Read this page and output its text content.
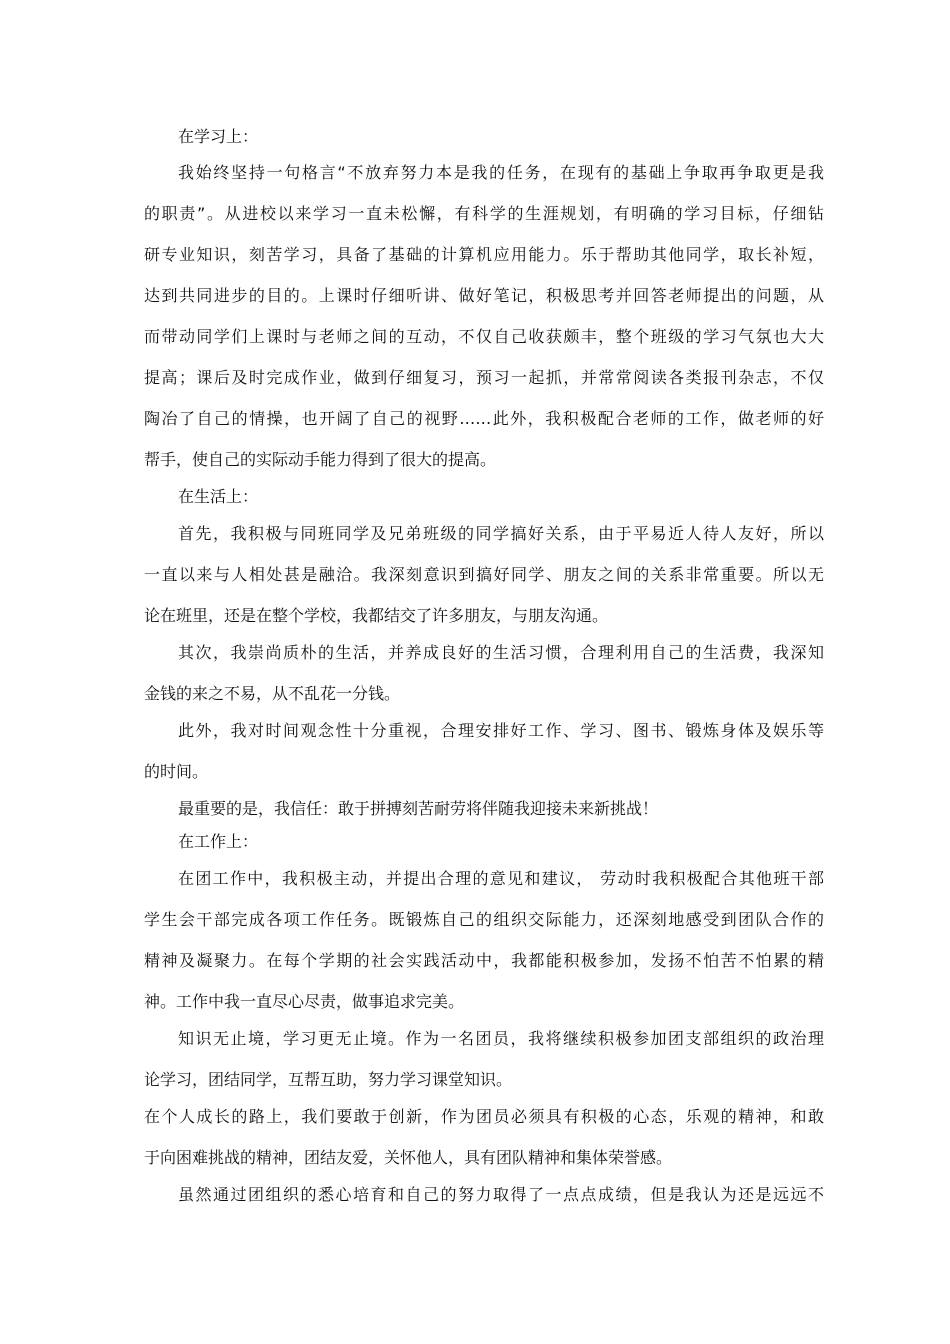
在学习上：
我始终坚持一句格言“不放弃努力本是我的任务，在现有的基础上争取再争取更是我
的职责”。从进校以来学习一直未松懈，有科学的生涯规划，有明确的学习目标，仔细钻
研专业知识，刻苦学习，具备了基础的计算机应用能力。乐于帮助其他同学，取长补短，
达到共同进步的目的。上课时仔细听讲、做好笔记，积极思考并回答老师提出的问题，从
而带动同学们上课时与老师之间的互动，不仅自己收获颇丰，整个班级的学习气氛也大大
提高；课后及时完成作业，做到仔细复习，预习一起抓，并常常阅读各类报刊杂志，不仅
陶冶了自己的情操，也开阔了自己的视野……此外，我积极配合老师的工作，做老师的好
帮手，使自己的实际动手能力得到了很大的提高。
在生活上：
首先，我积极与同班同学及兄弟班级的同学搞好关系，由于平易近人待人友好，所以
一直以来与人相处甚是融洽。我深刻意识到搞好同学、朋友之间的关系非常重要。所以无
论在班里，还是在整个学校，我都结交了许多朋友，与朋友沟通。
其次，我崇尚质朴的生活，并养成良好的生活习惯，合理利用自己的生活费，我深知
金钱的来之不易，从不乱花一分钱。
此外，我对时间观念性十分重视，合理安排好工作、学习、图书、锻炼身体及娱乐等
的时间。
最重要的是，我信任：敢于拼搏刻苦耐劳将伴随我迎接未来新挑战！
在工作上：
在团工作中，我积极主动，并提出合理的意见和建议， 劳动时我积极配合其他班干部
学生会干部完成各项工作任务。既锻炼自己的组织交际能力，还深刻地感受到团队合作的
精神及凝聚力。在每个学期的社会实践活动中，我都能积极参加，发扬不怕苦不怕累的精
神。工作中我一直尽心尽责，做事追求完美。
知识无止境，学习更无止境。作为一名团员，我将继续积极参加团支部组织的政治理
论学习，团结同学，互帮互助，努力学习课堂知识。
在个人成长的路上，我们要敢于创新，作为团员必须具有积极的心态，乐观的精神，和敢
于向困难挑战的精神，团结友爱，关怀他人，具有团队精神和集体荣誉感。
虽然通过团组织的悉心培育和自己的努力取得了一点点成绩，但是我认为还是远远不
